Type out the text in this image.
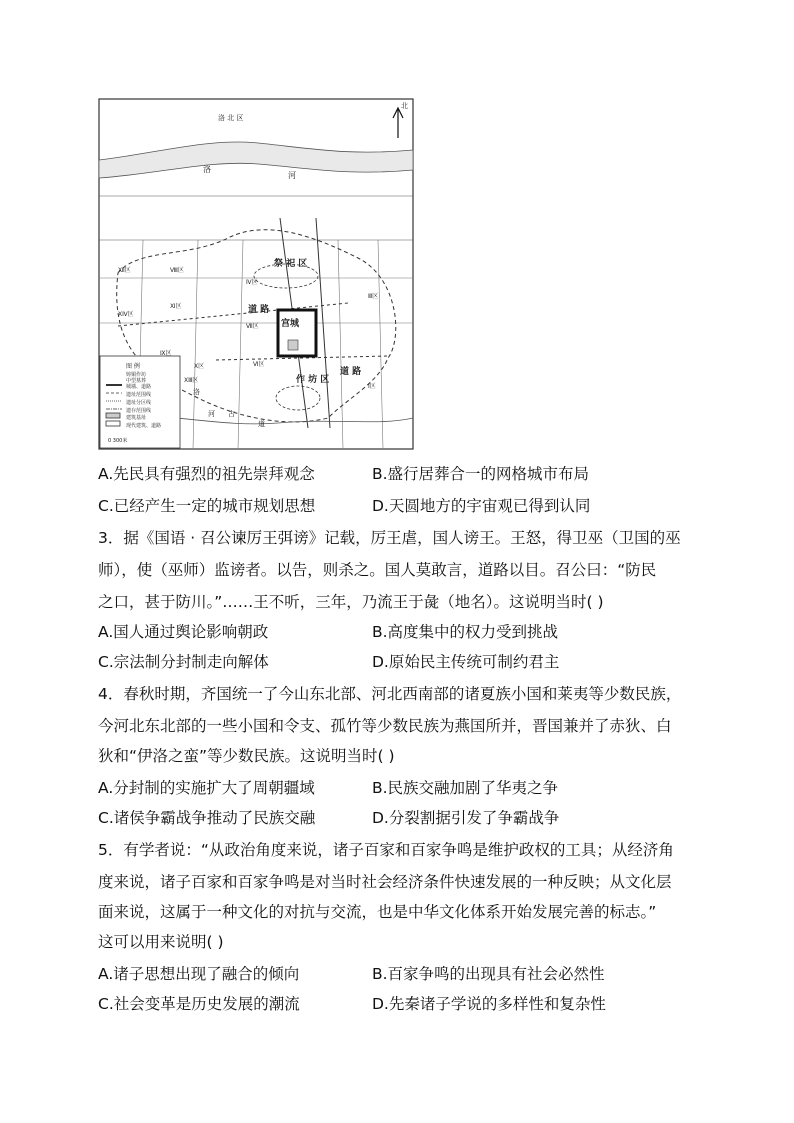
洛 北 区
洛
河
北
祭 祀 区
道 路
道 路
宫城
作 坊 区
Ⅰ区
Ⅲ区
Ⅳ区
Ⅵ区
Ⅶ区
Ⅷ区
Ⅸ区
Ⅹ区
Ⅺ区
Ⅻ区
ⅩⅢ区
ⅩⅣ区
图 例
铸铜作坊
中型墓葬
城墙、道路
遗址范围线
遗址分区线
遗存范围线
建筑基址
现代建筑、道路
0 300米
洛
河 古
道
A.先民具有强烈的祖先崇拜观念	B.盛行居葬合一的网格城市布局
C.已经产生一定的城市规划思想	D.天圆地方的宇宙观已得到认同
3．据《国语 · 召公谏厉王弭谤》记载，厉王虐，国人谤王。王怒，得卫巫（卫国的巫
师），使（巫师）监谤者。以告，则杀之。国人莫敢言，道路以目。召公曰：“防民
之口，甚于防川。”……王不听，三年，乃流王于彘（地名）。这说明当时( )
A.国人通过舆论影响朝政	B.高度集中的权力受到挑战
C.宗法制分封制走向解体	D.原始民主传统可制约君主
4．春秋时期，齐国统一了今山东北部、河北西南部的诸夏族小国和莱夷等少数民族，
今河北东北部的一些小国和令支、孤竹等少数民族为燕国所并，晋国兼并了赤狄、白
狄和“伊洛之蛮”等少数民族。这说明当时( )
A.分封制的实施扩大了周朝疆域	B.民族交融加剧了华夷之争
C.诸侯争霸战争推动了民族交融	D.分裂割据引发了争霸战争
5．有学者说：“从政治角度来说，诸子百家和百家争鸣是维护政权的工具；从经济角
度来说，诸子百家和百家争鸣是对当时社会经济条件快速发展的一种反映；从文化层
面来说，这属于一种文化的对抗与交流，也是中华文化体系开始发展完善的标志。”
这可以用来说明( )
A.诸子思想出现了融合的倾向	B.百家争鸣的出现具有社会必然性
C.社会变革是历史发展的潮流	D.先秦诸子学说的多样性和复杂性
